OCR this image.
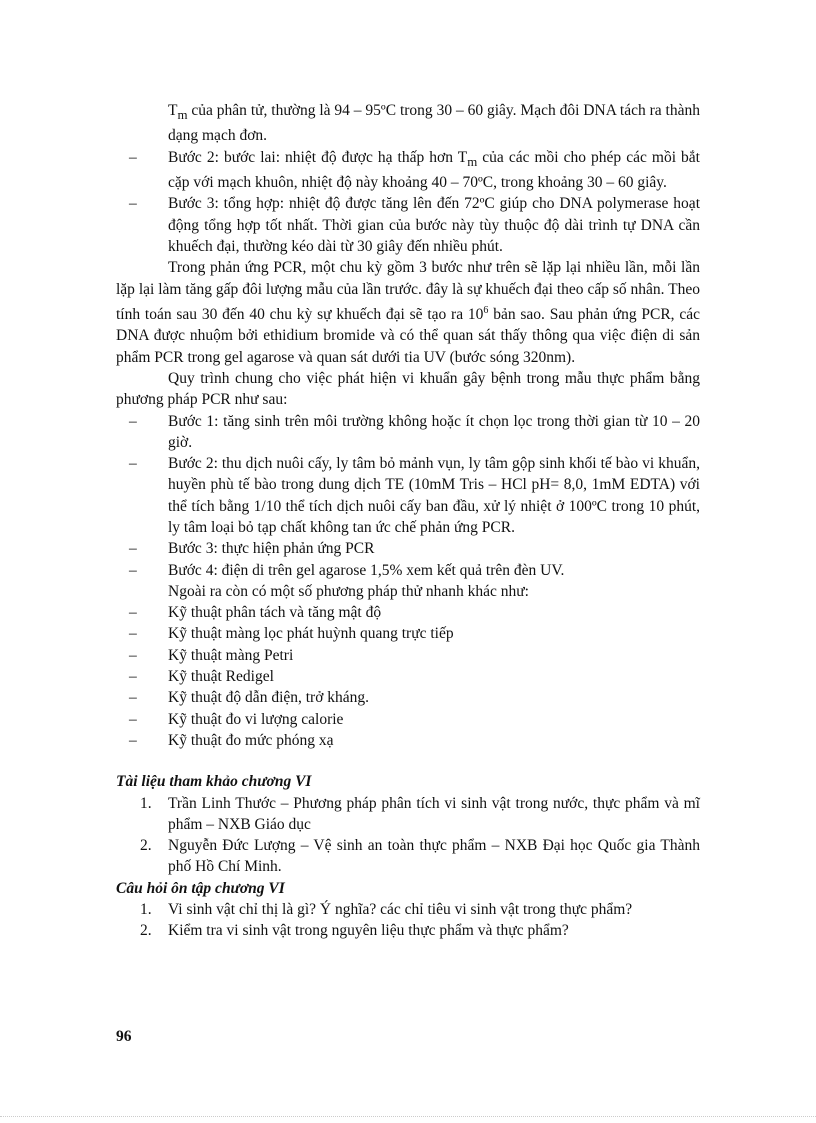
$T_m$ của phân tử, thường là 94 – 95ºC trong 30 – 60 giây. Mạch đôi DNA tách ra thành dạng mạch đơn.

–	Bước 2: bước lai: nhiệt độ được hạ thấp hơn $T_m$ của các mồi cho phép các mồi bắt cặp với mạch khuôn, nhiệt độ này khoảng 40 – 70ºC, trong khoảng 30 – 60 giây.

–	Bước 3: tổng hợp: nhiệt độ được tăng lên đến 72ºC giúp cho DNA polymerase hoạt động tổng hợp tốt nhất. Thời gian của bước này tùy thuộc độ dài trình tự DNA cần khuếch đại, thường kéo dài từ 30 giây đến nhiều phút.

Trong phản ứng PCR, một chu kỳ gồm 3 bước như trên sẽ lặp lại nhiều lần, mỗi lần lặp lại làm tăng gấp đôi lượng mẫu của lần trước. đây là sự khuếch đại theo cấp số nhân. Theo tính toán sau 30 đến 40 chu kỳ sự khuếch đại sẽ tạo ra $10^6$ bản sao. Sau phản ứng PCR, các DNA được nhuộm bởi ethidium bromide và có thể quan sát thấy thông qua việc điện di sản phẩm PCR trong gel agarose và quan sát dưới tia UV (bước sóng 320nm).

Quy trình chung cho việc phát hiện vi khuẩn gây bệnh trong mẫu thực phẩm bằng phương pháp PCR như sau:

–	Bước 1: tăng sinh trên môi trường không hoặc ít chọn lọc trong thời gian từ 10 – 20 giờ.

–	Bước 2: thu dịch nuôi cấy, ly tâm bỏ mảnh vụn, ly tâm gộp sinh khối tế bào vi khuẩn, huyền phù tế bào trong dung dịch TE (10mM Tris – HCl pH= 8,0, 1mM EDTA) với thể tích bằng 1/10 thể tích dịch nuôi cấy ban đầu, xử lý nhiệt ở 100ºC trong 10 phút, ly tâm loại bỏ tạp chất không tan ức chế phản ứng PCR.

–	Bước 3: thực hiện phản ứng PCR

–	Bước 4: điện di trên gel agarose 1,5% xem kết quả trên đèn UV.

Ngoài ra còn có một số phương pháp thử nhanh khác như:

–	Kỹ thuật phân tách và tăng mật độ

–	Kỹ thuật màng lọc phát huỳnh quang trực tiếp

–	Kỹ thuật màng Petri

–	Kỹ thuật Redigel

–	Kỹ thuật độ dẫn điện, trở kháng.

–	Kỹ thuật đo vi lượng calorie

–	Kỹ thuật đo mức phóng xạ

Tài liệu tham khảo chương VI

1. Trần Linh Thước – Phương pháp phân tích vi sinh vật trong nước, thực phẩm và mĩ phẩm – NXB Giáo dục

2. Nguyễn Đức Lượng – Vệ sinh an toàn thực phẩm – NXB Đại học Quốc gia Thành phố Hồ Chí Minh.

Câu hỏi ôn tập chương VI

1. Vi sinh vật chỉ thị là gì? Ý nghĩa? các chỉ tiêu vi sinh vật trong thực phẩm?

2. Kiểm tra vi sinh vật trong nguyên liệu thực phẩm và thực phẩm?

96
